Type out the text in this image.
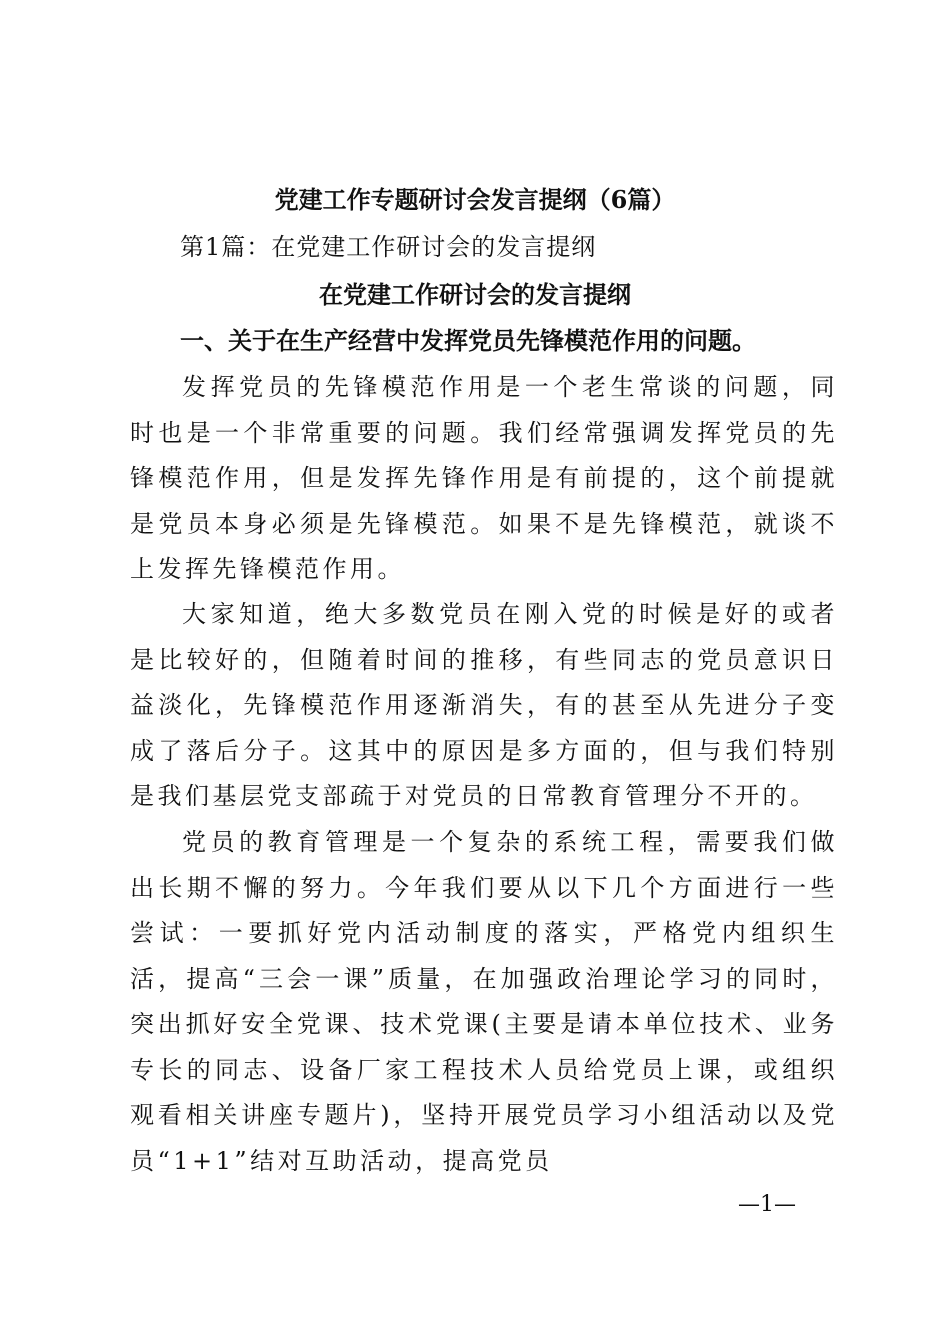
党建工作专题研讨会发言提纲（6篇）

第1篇：在党建工作研讨会的发言提纲

在党建工作研讨会的发言提纲
一、关于在生产经营中发挥党员先锋模范作用的问题。

发挥党员的先锋模范作用是一个老生常谈的问题，同时也是一个非常重要的问题。我们经常强调发挥党员的先锋模范作用，但是发挥先锋作用是有前提的，这个前提就是党员本身必须是先锋模范。如果不是先锋模范，就谈不上发挥先锋模范作用。

大家知道，绝大多数党员在刚入党的时候是好的或者是比较好的，但随着时间的推移，有些同志的党员意识日益淡化，先锋模范作用逐渐消失，有的甚至从先进分子变成了落后分子。这其中的原因是多方面的，但与我们特别是我们基层党支部疏于对党员的日常教育管理分不开的。

党员的教育管理是一个复杂的系统工程，需要我们做出长期不懈的努力。今年我们要从以下几个方面进行一些尝试：一要抓好党内活动制度的落实，严格党内组织生活，提高“三会一课”质量，在加强政治理论学习的同时，突出抓好安全党课、技术党课(主要是请本单位技术、业务专长的同志、设备厂家工程技术人员给党员上课，或组织观看相关讲座专题片)，坚持开展党员学习小组活动以及党员“1+1”结对互助活动，提高党员

—1—
